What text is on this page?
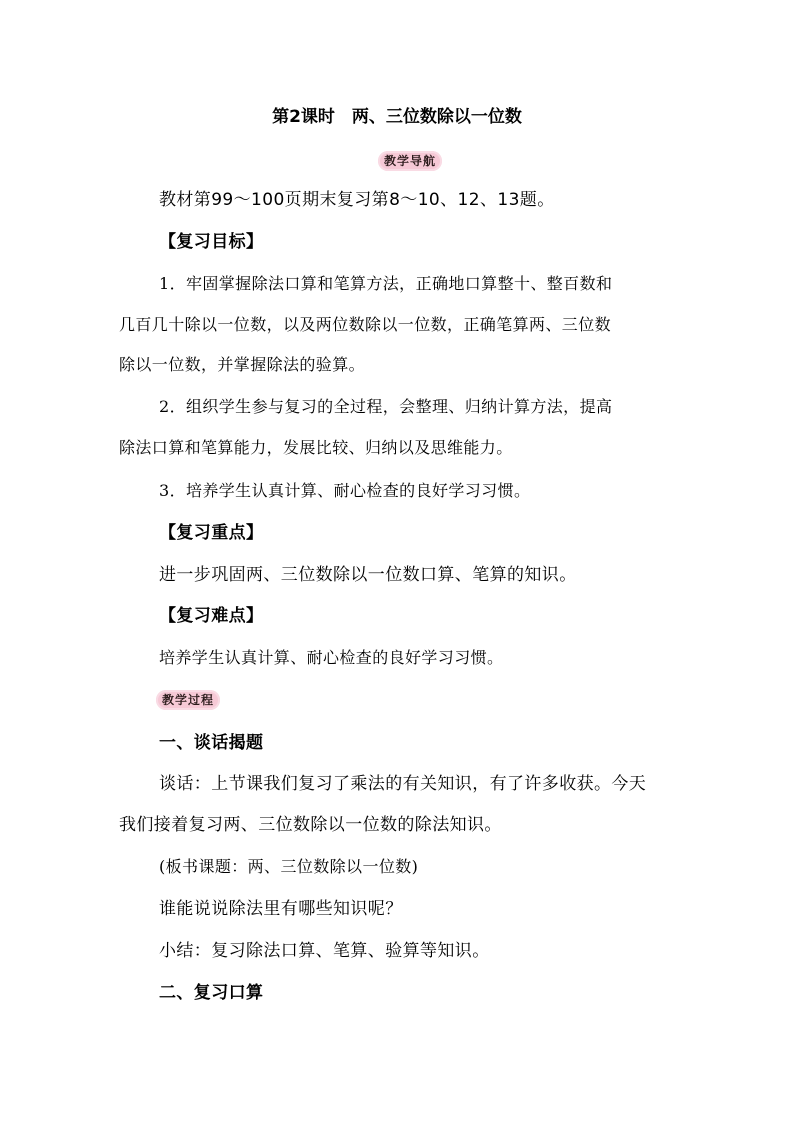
第2课时　两、三位数除以一位数
教学导航
教材第99～100页期末复习第8～10、12、13题。
【复习目标】
1．牢固掌握除法口算和笔算方法，正确地口算整十、整百数和
几百几十除以一位数，以及两位数除以一位数，正确笔算两、三位数
除以一位数，并掌握除法的验算。
2．组织学生参与复习的全过程，会整理、归纳计算方法，提高
除法口算和笔算能力，发展比较、归纳以及思维能力。
3．培养学生认真计算、耐心检查的良好学习习惯。
【复习重点】
进一步巩固两、三位数除以一位数口算、笔算的知识。
【复习难点】
培养学生认真计算、耐心检查的良好学习习惯。
教学过程
一、谈话揭题
谈话：上节课我们复习了乘法的有关知识，有了许多收获。今天
我们接着复习两、三位数除以一位数的除法知识。
(板书课题：两、三位数除以一位数)
谁能说说除法里有哪些知识呢？
小结：复习除法口算、笔算、验算等知识。
二、复习口算
